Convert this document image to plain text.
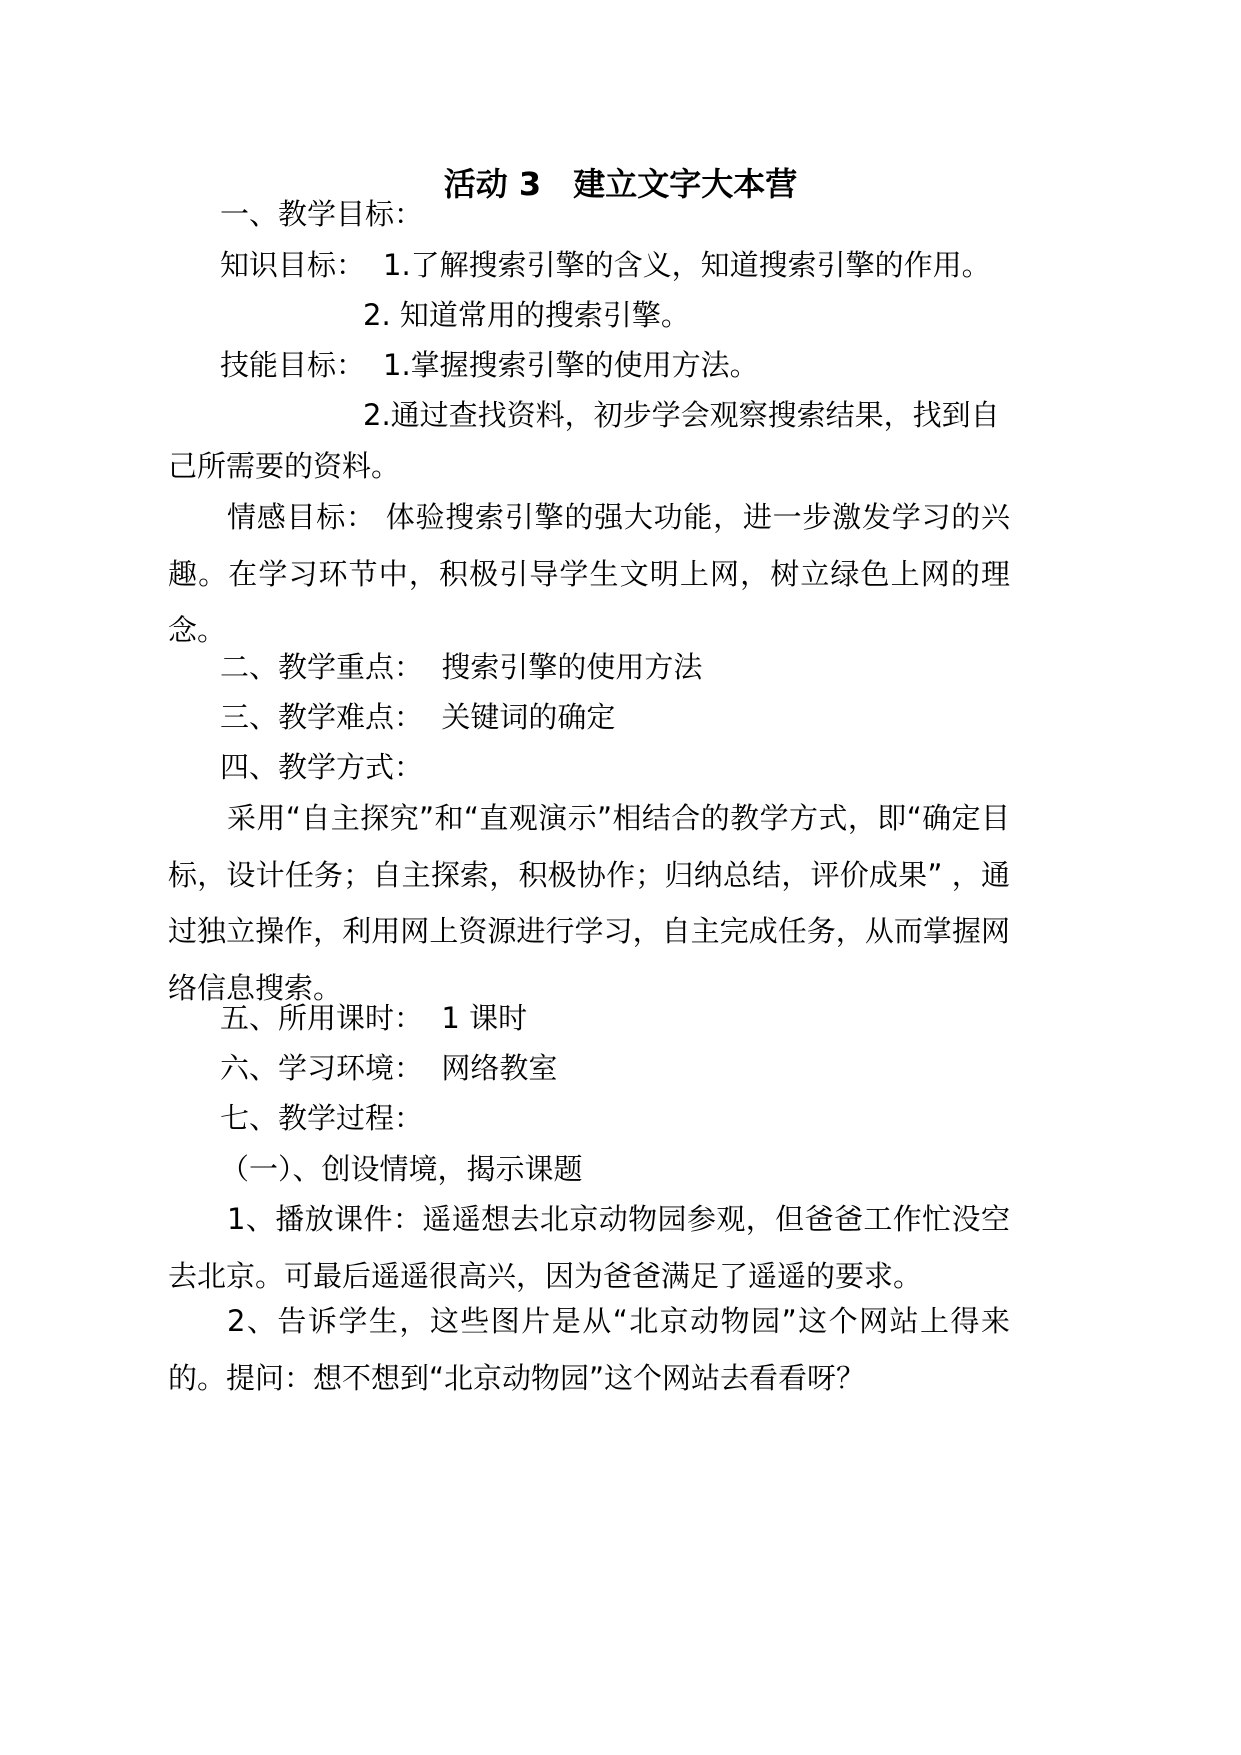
活动 3　建立文字大本营
一、教学目标：
知识目标： 1.了解搜索引擎的含义，知道搜索引擎的作用。
2. 知道常用的搜索引擎。
技能目标： 1.掌握搜索引擎的使用方法。
2.通过查找资料，初步学会观察搜索结果，找到自
己所需要的资料。
情感目标： 体验搜索引擎的强大功能，进一步激发学习的兴趣。在学习环节中，积极引导学生文明上网，树立绿色上网的理念。
二、教学重点：  搜索引擎的使用方法
三、教学难点：  关键词的确定
四、教学方式：
采用“自主探究”和“直观演示”相结合的教学方式，即“确定目标，设计任务；自主探索，积极协作；归纳总结，评价成果” ，通过独立操作，利用网上资源进行学习，自主完成任务，从而掌握网络信息搜索。
五、所用课时：  1 课时
六、学习环境：  网络教室
七、教学过程：
（一）、创设情境，揭示课题
1、播放课件：遥遥想去北京动物园参观，但爸爸工作忙没空去北京。可最后遥遥很高兴，因为爸爸满足了遥遥的要求。
2、告诉学生，这些图片是从“北京动物园”这个网站上得来的。提问：想不想到“北京动物园”这个网站去看看呀？
